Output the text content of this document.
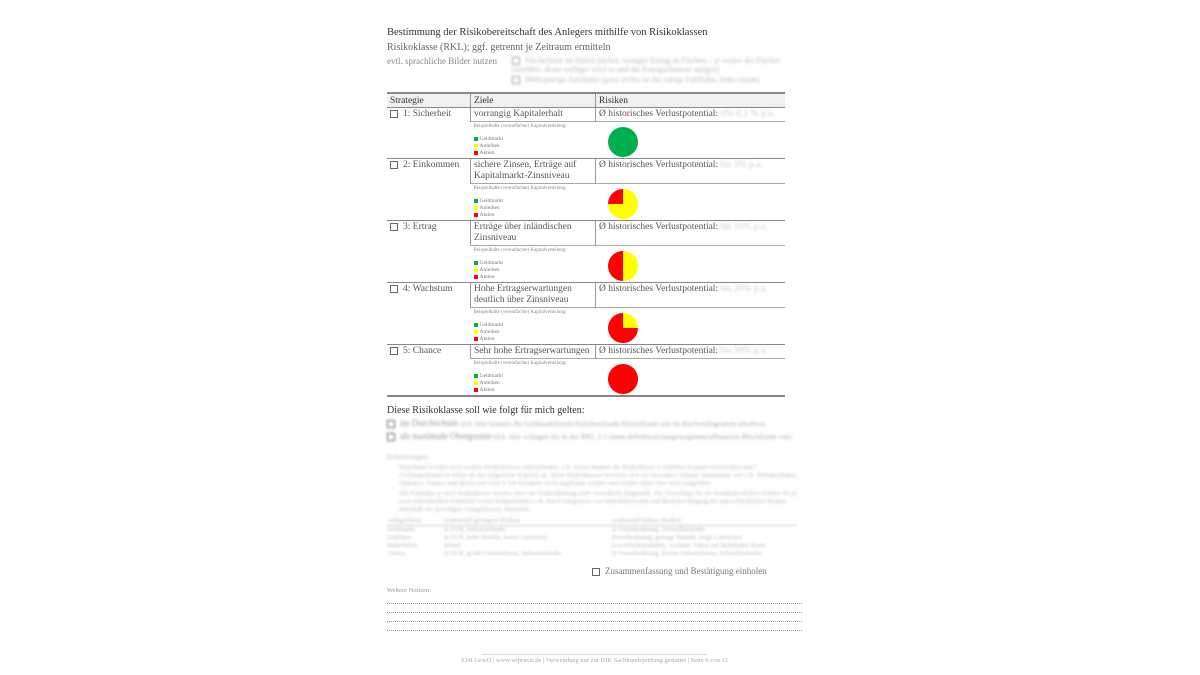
Bestimmung der Risikobereitschaft des Anlegers mithilfe von Risikoklassen
Risikoklasse (RKL); ggf. getrennt je Zeitraum ermitteln
evtl. sprachliche Bilder nutzen	Fischerboot im Hafen (sicher, weniger Ertrag an Fischen – je weiter der Fischer rausfährt, desto welliger wird es und die Ertragschancen steigen)
Mehrspurige Autobahn (ganz rechts ist die ruhige Fahrbahn, links rasant)
Strategie	Ziele	Risiken
1: Sicherheit	vorrangig Kapitalerhalt	Ø historisches Verlustpotential: 0%-0,1 % p.a.

	Beispielhafte (vereinfachte) Kapitalverteilung:
Geldmarkt
Anleihen
Aktien	

2: Einkommen	sichere Zinsen, Erträge auf Kapitalmarkt-Zinsniveau	Ø historisches Verlustpotential: bis 5% p.a.

	Beispielhafte (vereinfachte) Kapitalverteilung:
Geldmarkt
Anleihen
Aktien	

3: Ertrag	Erträge über inländischen Zinsniveau	Ø historisches Verlustpotential: bis 10% p.a.

	Beispielhafte (vereinfachte) Kapitalverteilung:
Geldmarkt
Anleihen
Aktien	

4: Wachstum	Hohe Ertragserwartungen deutlich über Zinsniveau	Ø historisches Verlustpotential: bis 20% p.a.

	Beispielhafte (vereinfachte) Kapitalverteilung:
Geldmarkt
Anleihen
Aktien	

5: Chance	Sehr hohe Ertragserwartungen	Ø historisches Verlustpotential: bis 50% p.a.

	Beispielhafte (vereinfachte) Kapitalverteilung:
Geldmarkt
Anleihen
Aktien	
Diese Risikoklasse soll wie folgt für mich gelten:
im Durchschnitt (d.h. hier können für Geldmarktfonds/Anleihenfonds/Aktienfonds wie im Kuchendiagramm erhalten)
als maximale Obergrenze (d.h. hier schlagen bis in der RKL 2-5 einen definitiven/ausgewogenen/offensiven Mischfonds vor)
Erläuterungen:
Manchmal werden noch weitere Risikoklassen unterschieden, z.B. setzen Banken die Risikoklasse 6 (erhöhtes Kapitalverlustrisiko) und 7 (Verlustpotential ist höher als das eingesetzte Kapital) an. Diese Risikoklassen beziehen sich auf besonders riskante Instrumente wie z.B. Hebelprodukte, Optionen, Futures und dürfen mit einer § 34f-Erlaubnis nicht angeboten werden und werden daher hier nicht aufgeführt.
Die Portfolios je nach Risikoklasse wurden oben zur Verdeutlichung stark vereinfacht dargestellt. Die Vorschläge für die Kundenportfolios können Sie je nach individuellem Einzelfall weiter konkretisieren z.B. durch Integration von Immobilienfonds und Berücksichtigung der unterschiedlichen Risiken innerhalb der jeweiligen Anlageklassen. Beispiele:
Anlageklasse	tendenziell geringere Risiken	tendenziell höhere Risiken
Geldmarkt	in EUR, Industrieländer	in Fremdwährung, Schwellenländer
Anleihen	in EUR, hohe Bonität, kurze Laufzeiten	Fremdwährung, geringe Bonität, lange Laufzeiten
Immobilien	Inland	Gewerbeimmobilien, Ausland, Fokus auf lächelnden Raum
Aktien	in EUR, große Unternehmen, Industrieländer	in Fremdwährung, Kleine Unternehmen, Schwellenländer
Zusammenfassung und Bestätigung einholen
Weitere Notizen:
§34f GewO | www.wipraxis.de | Verwendung nur zur IHK Sachkundeprüfung gestattet | Seite 6 von 12
